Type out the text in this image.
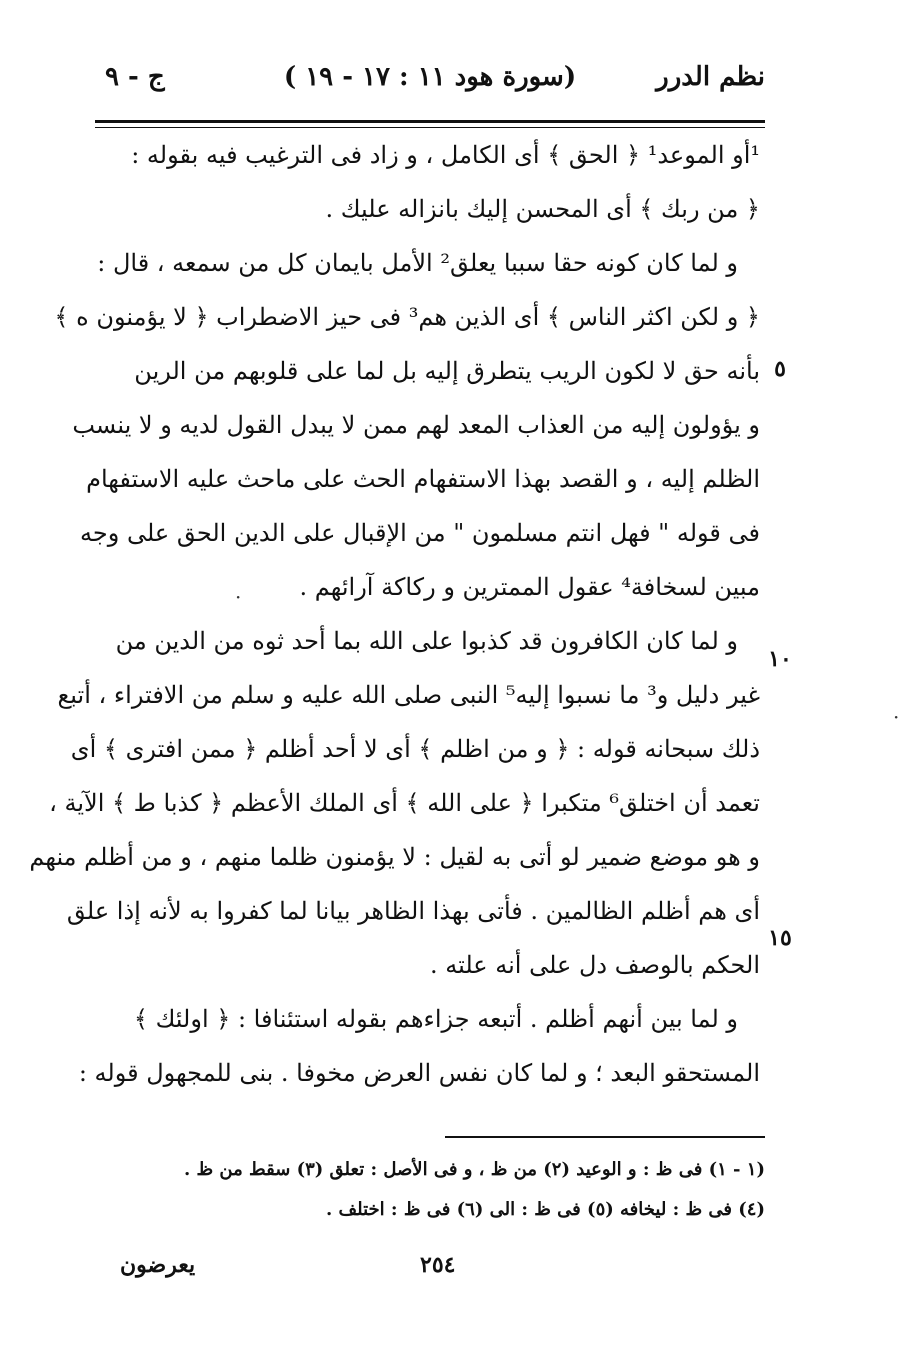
نظم الدرر
(سورة هود ١١ : ١٧ - ١٩ )
ج - ٩
¹أو الموعد¹ ﴿ الحق ﴾ أى الكامل ، و زاد فى الترغيب فيه بقوله :
﴿ من ربك ﴾ أى المحسن إليك بانزاله عليك .
و لما كان كونه حقا سببا يعلق² الأمل بايمان كل من سمعه ، قال :
﴿ و لكن اكثر الناس ﴾ أى الذين هم³ فى حيز الاضطراب ﴿ لا يؤمنون ه ﴾
بأنه حق لا لكون الريب يتطرق إليه بل لما على قلوبهم من الرين
و يؤولون إليه من العذاب المعد لهم ممن لا يبدل القول لديه و لا ينسب
الظلم إليه ، و القصد بهذا الاستفهام الحث على ماحث عليه الاستفهام
فى قوله " فهل انتم مسلمون " من الإقبال على الدين الحق على وجه
مبين لسخافة⁴ عقول الممترين و ركاكة آرائهم .
و لما كان الكافرون قد كذبوا على الله بما أحد ثوه من الدين من
غير دليل و³ ما نسبوا إليه⁵ النبى صلى الله عليه و سلم من الافتراء ، أتبع
ذلك سبحانه قوله : ﴿ و من اظلم ﴾ أى لا أحد أظلم ﴿ ممن افترى ﴾ أى
تعمد أن اختلق⁶ متكبرا ﴿ على الله ﴾ أى الملك الأعظم ﴿ كذبا ط ﴾ الآية ،
و هو موضع ضمير لو أتى به لقيل : لا يؤمنون ظلما منهم ، و من أظلم منهم
أى هم أظلم الظالمين . فأتى بهذا الظاهر بيانا لما كفروا به لأنه إذا علق
الحكم بالوصف دل على أنه علته .
و لما بين أنهم أظلم . أتبعه جزاءهم بقوله استئنافا : ﴿ اولئك ﴾
المستحقو البعد ؛ و لما كان نفس العرض مخوفا . بنى للمجهول قوله :
٥
١٠
١٥
·
·
(١ - ١) فى ظ : و الوعيد (٢) من ظ ، و فى الأصل : تعلق (٣) سقط من ظ .
(٤) فى ظ : ليخافه (٥) فى ظ : الى (٦) فى ظ : اختلف .
يعرضون	٢٥٤
